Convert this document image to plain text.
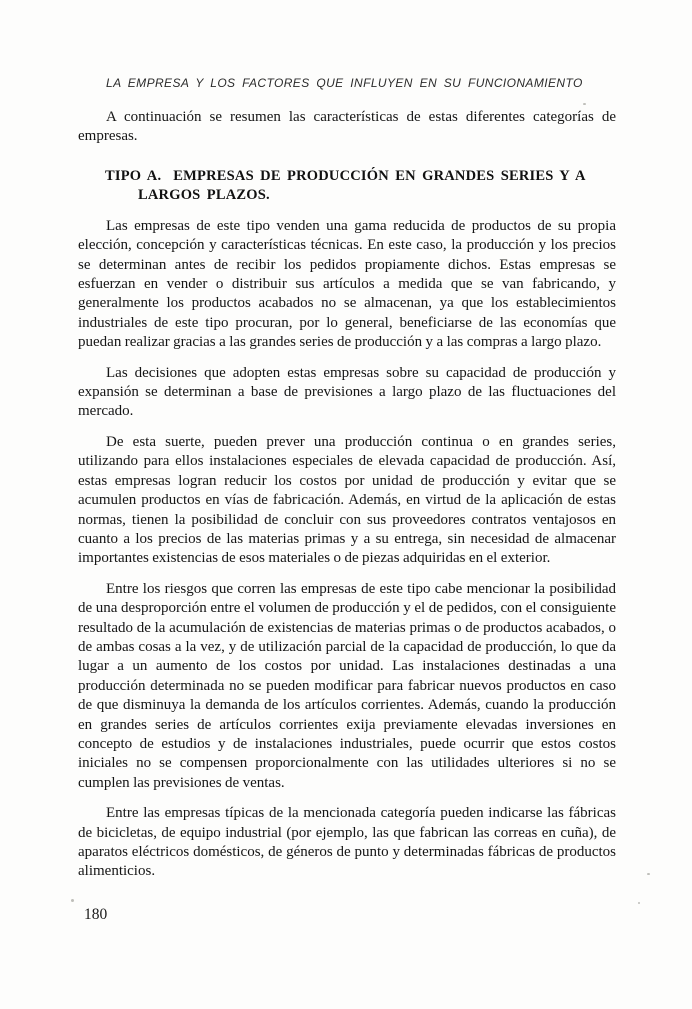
LA EMPRESA Y LOS FACTORES QUE INFLUYEN EN SU FUNCIONAMIENTO

A continuación se resumen las características de estas diferentes categorías de empresas.

TIPO A. EMPRESAS DE PRODUCCIÓN EN GRANDES SERIES Y A LARGOS PLAZOS.

Las empresas de este tipo venden una gama reducida de productos de su propia elección, concepción y características técnicas. En este caso, la producción y los precios se determinan antes de recibir los pedidos propiamente dichos. Estas empresas se esfuerzan en vender o distribuir sus artículos a medida que se van fabricando, y generalmente los productos acabados no se almacenan, ya que los establecimientos industriales de este tipo procuran, por lo general, beneficiarse de las economías que puedan realizar gracias a las grandes series de producción y a las compras a largo plazo.

Las decisiones que adopten estas empresas sobre su capacidad de producción y expansión se determinan a base de previsiones a largo plazo de las fluctuaciones del mercado.

De esta suerte, pueden prever una producción continua o en grandes series, utilizando para ellos instalaciones especiales de elevada capacidad de producción. Así, estas empresas logran reducir los costos por unidad de producción y evitar que se acumulen productos en vías de fabricación. Además, en virtud de la aplicación de estas normas, tienen la posibilidad de concluir con sus proveedores contratos ventajosos en cuanto a los precios de las materias primas y a su entrega, sin necesidad de almacenar importantes existencias de esos materiales o de piezas adquiridas en el exterior.

Entre los riesgos que corren las empresas de este tipo cabe mencionar la posibilidad de una desproporción entre el volumen de producción y el de pedidos, con el consiguiente resultado de la acumulación de existencias de materias primas o de productos acabados, o de ambas cosas a la vez, y de utilización parcial de la capacidad de producción, lo que da lugar a un aumento de los costos por unidad. Las instalaciones destinadas a una producción determinada no se pueden modificar para fabricar nuevos productos en caso de que disminuya la demanda de los artículos corrientes. Además, cuando la producción en grandes series de artículos corrientes exija previamente elevadas inversiones en concepto de estudios y de instalaciones industriales, puede ocurrir que estos costos iniciales no se compensen proporcionalmente con las utilidades ulteriores si no se cumplen las previsiones de ventas.

Entre las empresas típicas de la mencionada categoría pueden indicarse las fábricas de bicicletas, de equipo industrial (por ejemplo, las que fabrican las correas en cuña), de aparatos eléctricos domésticos, de géneros de punto y determinadas fábricas de productos alimenticios.

180
